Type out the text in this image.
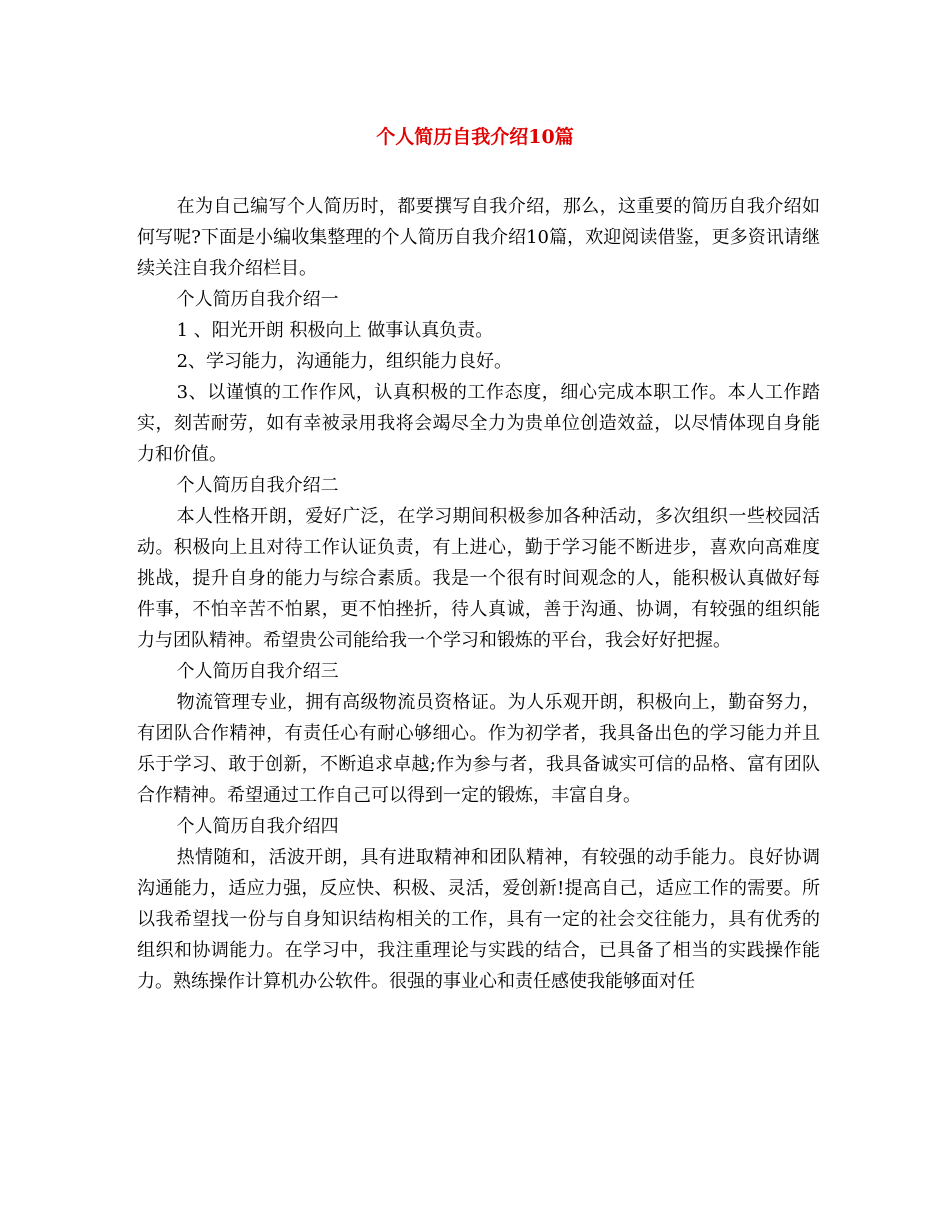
个人简历自我介绍10篇

在为自己编写个人简历时，都要撰写自我介绍，那么，这重要的简历自我介绍如何写呢?下面是小编收集整理的个人简历自我介绍10篇，欢迎阅读借鉴，更多资讯请继续关注自我介绍栏目。

个人简历自我介绍一

1 、阳光开朗 积极向上 做事认真负责。

2、学习能力，沟通能力，组织能力良好。

3、以谨慎的工作作风，认真积极的工作态度，细心完成本职工作。本人工作踏实，刻苦耐劳，如有幸被录用我将会竭尽全力为贵单位创造效益，以尽情体现自身能力和价值。

个人简历自我介绍二

本人性格开朗，爱好广泛，在学习期间积极参加各种活动，多次组织一些校园活动。积极向上且对待工作认证负责，有上进心，勤于学习能不断进步，喜欢向高难度挑战，提升自身的能力与综合素质。我是一个很有时间观念的人，能积极认真做好每件事，不怕辛苦不怕累，更不怕挫折，待人真诚，善于沟通、协调，有较强的组织能力与团队精神。希望贵公司能给我一个学习和锻炼的平台，我会好好把握。

个人简历自我介绍三

物流管理专业，拥有高级物流员资格证。为人乐观开朗，积极向上，勤奋努力，有团队合作精神，有责任心有耐心够细心。作为初学者，我具备出色的学习能力并且乐于学习、敢于创新，不断追求卓越;作为参与者，我具备诚实可信的品格、富有团队合作精神。希望通过工作自己可以得到一定的锻炼，丰富自身。

个人简历自我介绍四

热情随和，活波开朗，具有进取精神和团队精神，有较强的动手能力。良好协调沟通能力，适应力强，反应快、积极、灵活，爱创新!提高自己，适应工作的需要。所以我希望找一份与自身知识结构相关的工作，具有一定的社会交往能力，具有优秀的组织和协调能力。在学习中，我注重理论与实践的结合，已具备了相当的实践操作能力。熟练操作计算机办公软件。很强的事业心和责任感使我能够面对任
